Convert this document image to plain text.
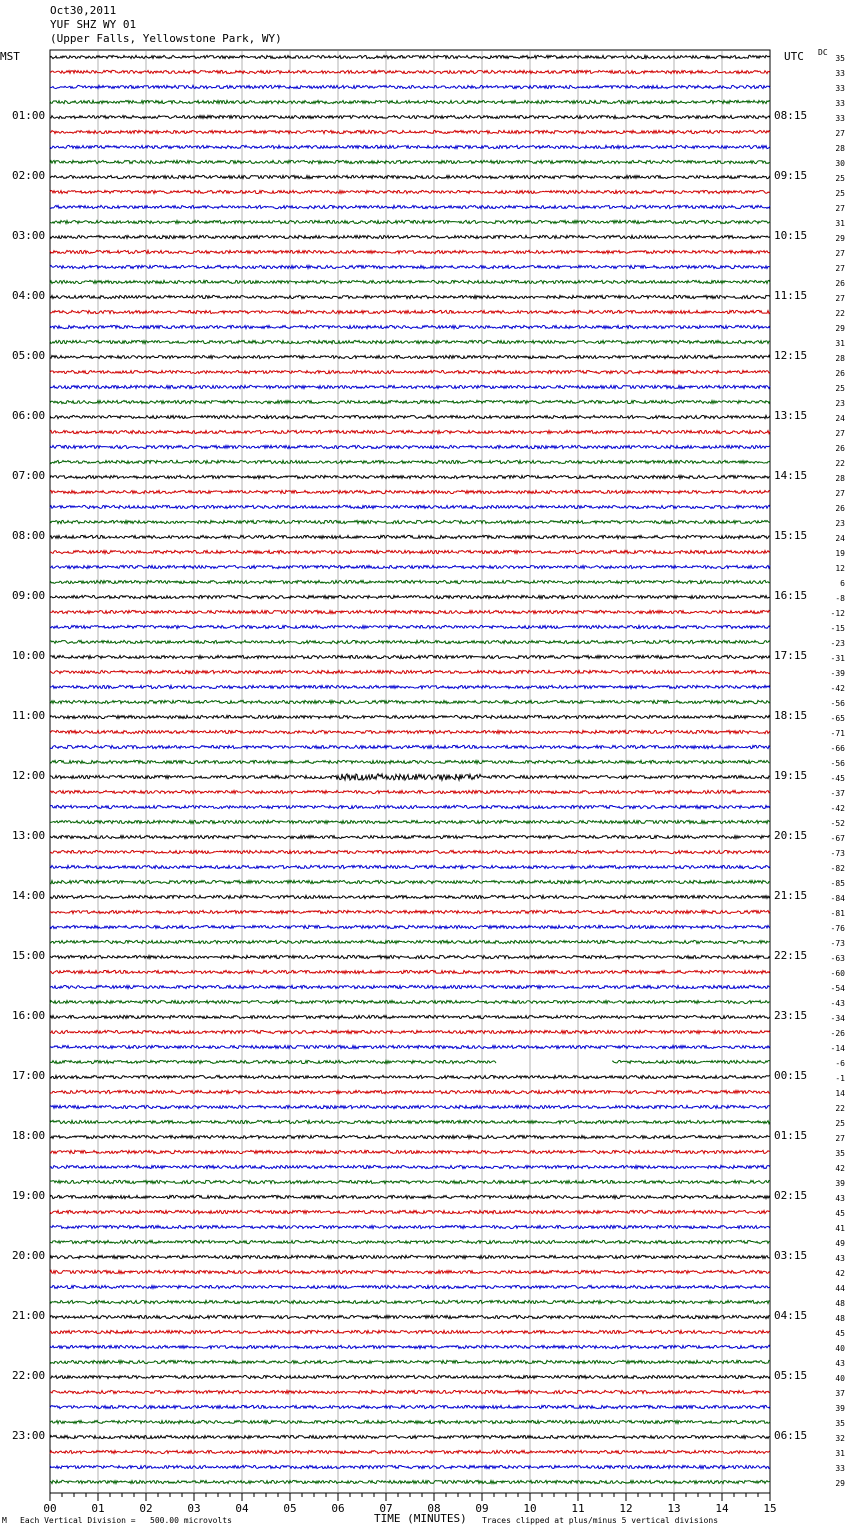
Oct30,2011
YUF SHZ WY 01
(Upper Falls, Yellowstone Park, WY)
MST	UTC DC
00	01	02	03	04	05	06	07	08	09	10	11	12	13	14	15
01:00
02:00
03:00
04:00
05:00
06:00
07:00
08:00
09:00
10:00
11:00
12:00
13:00
14:00
15:00
16:00
17:00
18:00
19:00
20:00
21:00
22:00
23:00
08:15
09:15
10:15
11:15
12:15
13:15
14:15
15:15
16:15
17:15
18:15
19:15
20:15
21:15
22:15
23:15
00:15
01:15
02:15
03:15
04:15
05:15
06:15
35
33
33
33
33
27
28
30
25
25
27
31
29
27
27
26
27
22
29
31
28
26
25
23
24
27
26
22
28
27
26
23
24
19
12
6
-8
-12
-15
-23
-31
-39
-42
-56
-65
-71
-66
-56
-45
-37
-42
-52
-67
-73
-82
-85
-84
-81
-76
-73
-63
-60
-54
-43
-34
-26
-14
-6
-1
14
22
25
27
35
42
39
43
45
41
49
43
42
44
48
48
45
40
43
40
37
39
35
32
31
33
29
M Each Vertical Division =   500.00 microvolts	TIME (MINUTES) Traces clipped at plus/minus 5 vertical divisions
